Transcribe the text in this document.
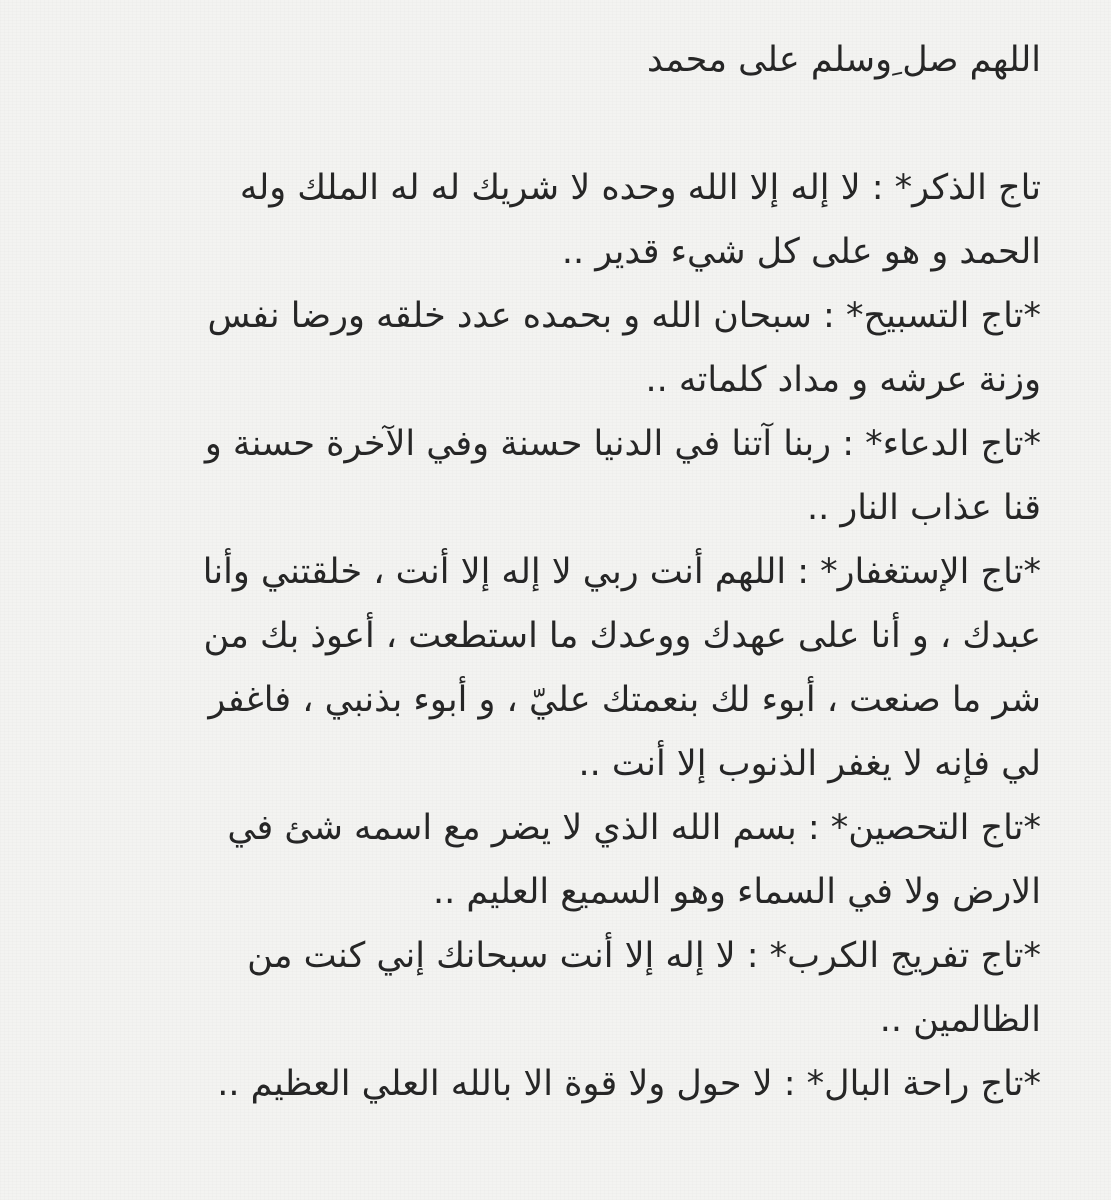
اللهم صل ِوسلم على محمد
تاج الذكر* : لا إله إلا الله وحده لا شريك له له الملك وله
الحمد و هو على كل شيء قدير ..
*تاج التسبيح* : سبحان الله و بحمده عدد خلقه ورضا نفس
وزنة عرشه و مداد كلماته ..
*تاج الدعاء* : ربنا آتنا في الدنيا حسنة وفي الآخرة حسنة و
قنا عذاب النار ..
*تاج الإستغفار* : اللهم أنت ربي لا إله إلا أنت ، خلقتني وأنا
عبدك ، و أنا على عهدك ووعدك ما استطعت ، أعوذ بك من
شر ما صنعت ، أبوء لك بنعمتك عليّ ، و أبوء بذنبي ، فاغفر
لي فإنه لا يغفر الذنوب إلا أنت ..
*تاج التحصين* : بسم الله الذي لا يضر مع اسمه شئ في
الارض ولا في السماء وهو السميع العليم ..
*تاج تفريج الكرب* : لا إله إلا أنت سبحانك إني كنت من
الظالمين ..
*تاج راحة البال* : لا حول ولا قوة الا بالله العلي العظيم ..
